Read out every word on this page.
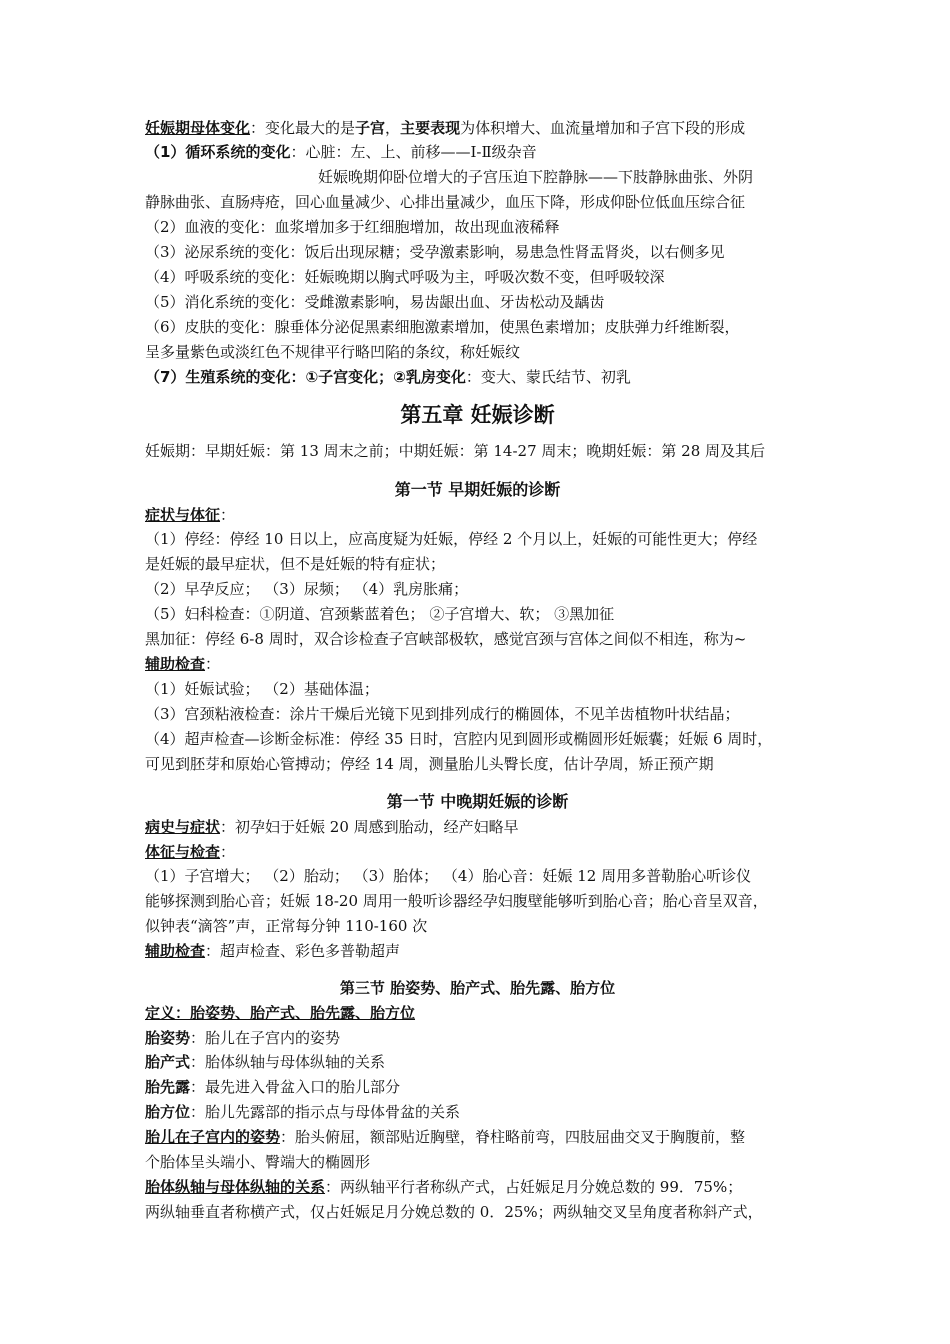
妊娠期母体变化：变化最大的是子宫，主要表现为体积增大、血流量增加和子宫下段的形成
（1）循环系统的变化：心脏：左、上、前移——Ⅰ-Ⅱ级杂音
妊娠晚期仰卧位增大的子宫压迫下腔静脉——下肢静脉曲张、外阴
静脉曲张、直肠痔疮，回心血量减少、心排出量减少，血压下降，形成仰卧位低血压综合征
（2）血液的变化：血浆增加多于红细胞增加，故出现血液稀释
（3）泌尿系统的变化：饭后出现尿糖；受孕激素影响，易患急性肾盂肾炎，以右侧多见
（4）呼吸系统的变化：妊娠晚期以胸式呼吸为主，呼吸次数不变，但呼吸较深
（5）消化系统的变化：受雌激素影响，易齿龈出血、牙齿松动及龋齿
（6）皮肤的变化：腺垂体分泌促黑素细胞激素增加，使黑色素增加；皮肤弹力纤维断裂，
呈多量紫色或淡红色不规律平行略凹陷的条纹，称妊娠纹
（7）生殖系统的变化：①子宫变化；②乳房变化：变大、蒙氏结节、初乳
第五章 妊娠诊断
妊娠期：早期妊娠：第 13 周末之前；中期妊娠：第 14-27 周末；晚期妊娠：第 28 周及其后
第一节 早期妊娠的诊断
症状与体征：
（1）停经：停经 10 日以上，应高度疑为妊娠，停经 2 个月以上，妊娠的可能性更大；停经
是妊娠的最早症状，但不是妊娠的特有症状；
（2）早孕反应； （3）尿频； （4）乳房胀痛；
（5）妇科检查：①阴道、宫颈紫蓝着色； ②子宫增大、软； ③黑加征
黑加征：停经 6-8 周时，双合诊检查子宫峡部极软，感觉宫颈与宫体之间似不相连，称为~
辅助检查：
（1）妊娠试验； （2）基础体温；
（3）宫颈粘液检查：涂片干燥后光镜下见到排列成行的椭圆体，不见羊齿植物叶状结晶；
（4）超声检查—诊断金标准：停经 35 日时，宫腔内见到圆形或椭圆形妊娠囊；妊娠 6 周时，
可见到胚芽和原始心管搏动；停经 14 周，测量胎儿头臀长度，估计孕周，矫正预产期
第一节 中晚期妊娠的诊断
病史与症状：初孕妇于妊娠 20 周感到胎动，经产妇略早
体征与检查：
（1）子宫增大； （2）胎动； （3）胎体； （4）胎心音：妊娠 12 周用多普勒胎心听诊仪
能够探测到胎心音；妊娠 18-20 周用一般听诊器经孕妇腹壁能够听到胎心音；胎心音呈双音，
似钟表“滴答”声，正常每分钟 110-160 次
辅助检查：超声检查、彩色多普勒超声
第三节 胎姿势、胎产式、胎先露、胎方位
定义：胎姿势、胎产式、胎先露、胎方位
胎姿势：胎儿在子宫内的姿势
胎产式：胎体纵轴与母体纵轴的关系
胎先露：最先进入骨盆入口的胎儿部分
胎方位：胎儿先露部的指示点与母体骨盆的关系
胎儿在子宫内的姿势：胎头俯屈，额部贴近胸壁，脊柱略前弯，四肢屈曲交叉于胸腹前，整
个胎体呈头端小、臀端大的椭圆形
胎体纵轴与母体纵轴的关系：两纵轴平行者称纵产式，占妊娠足月分娩总数的 99．75%；
两纵轴垂直者称横产式，仅占妊娠足月分娩总数的 0．25%；两纵轴交叉呈角度者称斜产式，
